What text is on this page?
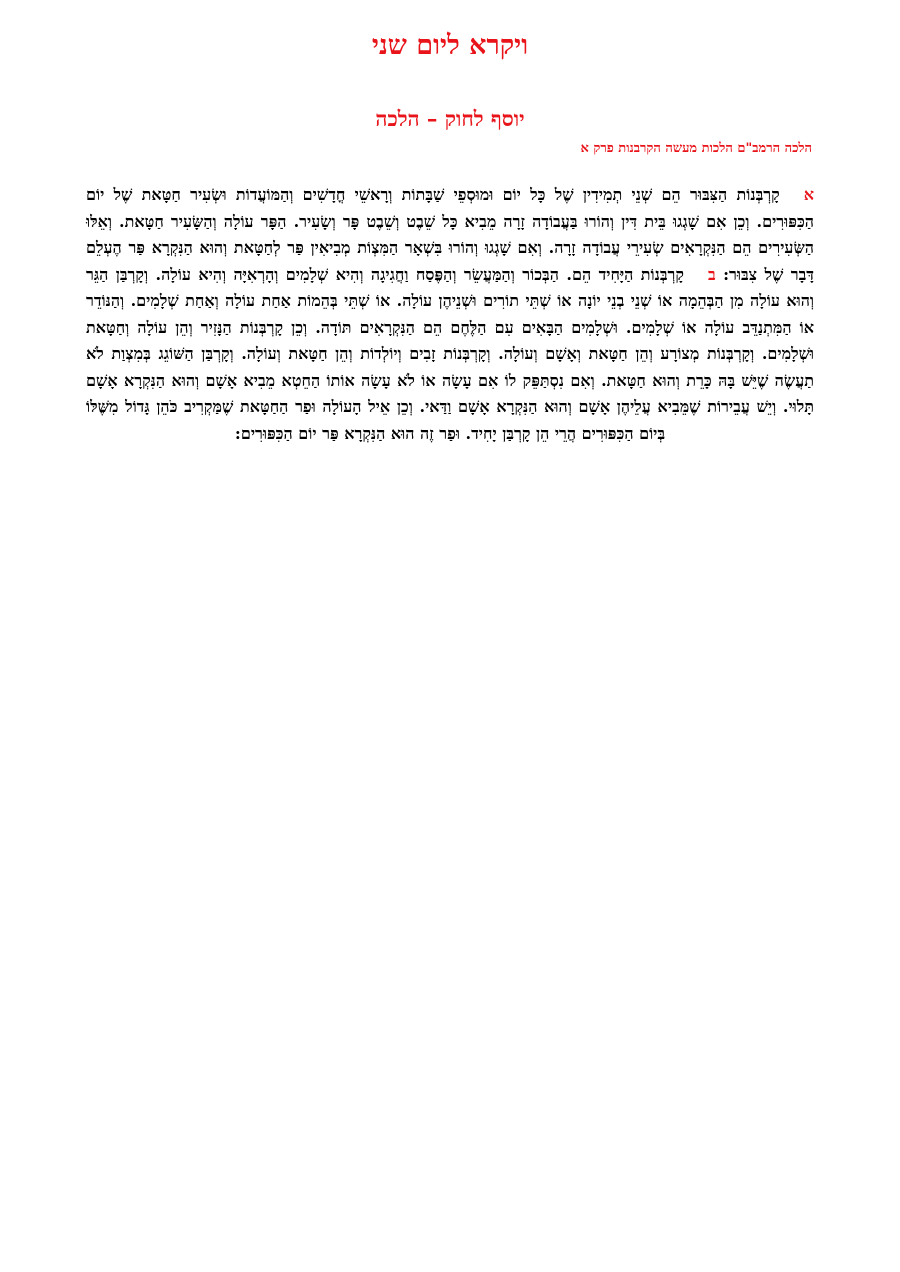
ויקרא ליום שני
יוסף לחוק – הלכה

הלכה הרמב"ם הלכות מעשה הקרבנות פרק א

אקָרְבְּנוֹת הַצִּבּוּר הֵם שְׁנֵי תְמִידִין שֶׁל כָּל יוֹם וּמוּסְפֵי שַׁבָּתוֹת וְרָאשֵׁי חֳדָשִׁים וְהַמּוֹעֲדוֹת וּשְׂעִיר חַטָּאת שֶׁל יוֹם הַכִּפּוּרִים. וְכֵן אִם שָׁגְגוּ בֵּית דִּין וְהוֹרוּ בַּעֲבוֹדָה זָרָה מֵבִיא כָּל שֵׁבֶט וְשֵׁבֶט פָּר וְשָׂעִיר. הַפָּר עוֹלָה וְהַשָּׂעִיר חַטָּאת. וְאֵלּוּ הַשְּׂעִירִים הֵם הַנִּקְרָאִים שְׂעִירֵי עֲבוֹדָה זָרָה. וְאִם שָׁגְגוּ וְהוֹרוּ בִּשְׁאָר הַמִּצְוֹת מְבִיאִין פַּר לְחַטָּאת וְהוּא הַנִּקְרָא פַּר הֶעְלֵם דָּבָר שֶׁל צִבּוּר: בקָרְבְּנוֹת הַיָּחִיד הֵם. הַבְּכוֹר וְהַמַּעֲשֵׂר וְהַפֶּסַח וַחֲגִיגָה וְהִיא שְׁלָמִים וְהָרְאִיָּה וְהִיא עוֹלָה. וְקָרְבַּן הַגֵּר וְהוּא עוֹלָה מִן הַבְּהֵמָה אוֹ שְׁנֵי בְנֵי יוֹנָה אוֹ שְׁתֵּי תוֹרִים וּשְׁנֵיהֶן עוֹלָה. אוֹ שְׁתֵּי בְּהֵמוֹת אַחַת עוֹלָה וְאַחַת שְׁלָמִים. וְהַנּוֹדֵר אוֹ הַמִּתְנַדֵּב עוֹלָה אוֹ שְׁלָמִים. וּשְׁלָמִים הַבָּאִים עִם הַלֶּחֶם הֵם הַנִּקְרָאִים תּוֹדָה. וְכֵן קָרְבְּנוֹת הַנָּזִיר וְהֵן עוֹלָה וְחַטָּאת וּשְׁלָמִים. וְקָרְבְּנוֹת מְצוֹרָע וְהֵן חַטָּאת וְאָשָׁם וְעוֹלָה. וְקָרְבְּנוֹת זָבִים וְיוֹלְדוֹת וְהֵן חַטָּאת וְעוֹלָה. וְקָרְבַּן הַשּׁוֹגֵג בְּמִצְוַת לֹא תַעֲשֶׂה שֶׁיֵּשׁ בָּהּ כָּרֵת וְהוּא חַטָּאת. וְאִם נִסְתַּפֵּק לוֹ אִם עָשָׂה אוֹ לֹא עָשָׂה אוֹתוֹ הַחֵטְא מֵבִיא אָשָׁם וְהוּא הַנִּקְרָא אָשָׁם תָּלוּי. וְיֵשׁ עֲבֵירוֹת שֶׁמֵּבִיא עֲלֵיהֶן אָשָׁם וְהוּא הַנִּקְרָא אָשָׁם וַדַּאי. וְכֵן אֵיל הָעוֹלָה וּפַר הַחַטָּאת שֶׁמַּקְרִיב כֹּהֵן גָּדוֹל מִשֶּׁלּוֹ בְּיוֹם הַכִּפּוּרִים הֲרֵי הֵן קָרְבַּן יָחִיד. וּפַר זֶה הוּא הַנִּקְרָא פַּר יוֹם הַכִּפּוּרִים:
